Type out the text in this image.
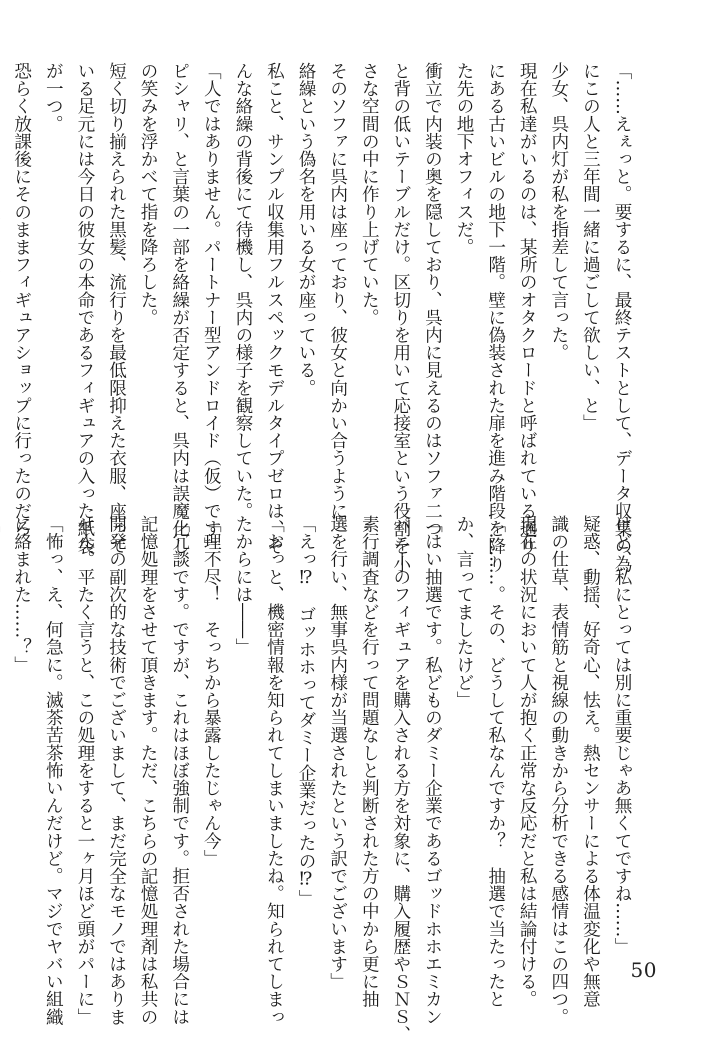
「……えぇっと。要するに、最終テストとして、データ収集の為

にこの人と三年間一緒に過ごして欲しい、と」

少女、呉内灯が私を指差して言った。

現在私達がいるのは、某所のオタクロードと呼ばれている通り

にある古いビルの地下一階。壁に偽装された扉を進み階段を降り

た先の地下オフィスだ。

衝立で内装の奥を隠しており、呉内に見えるのはソファ二つ

と背の低いテーブルだけ。区切りを用いて応接室という役割を小

さな空間の中に作り上げていた。

そのソファに呉内は座っており、彼女と向かい合うように

絡繰という偽名を用いる女が座っている。

私こと、サンプル収集用フルスペックモデルタイプゼロは、そ

んな絡繰の背後にて待機し、呉内の様子を観察していた。

「人ではありません。パートナー型アンドロイド（仮）です」

ピシャリ、と言葉の一部を絡繰が否定すると、呉内は誤魔化し

の笑みを浮かべて指を降ろした。

短く切り揃えられた黒髪、流行りを最低限抑えた衣服、座って

いる足元には今日の彼女の本命であるフィギュアの入った紙袋

が一つ。

恐らく放課後にそのままフィギュアショップに行ったのだろ

けど、私にとっては別に重要じゃあ無くてですね……」

疑惑、動揺、好奇心、怯え。熱センサーによる体温変化や無意

識の仕草、表情筋と視線の動きから分析できる感情はこの四つ。

現在の状況において人が抱く正常な反応だと私は結論付ける。

「………。その、どうして私なんですか？　抽選で当たったと

か、言ってましたけど」

「はい抽選です。私どものダミー企業であるゴッドホホエミカン

パニーのフィギュアを購入される方を対象に、購入履歴やＳＮＳ、

素行調査などを行って問題なしと判断された方の中から更に抽

選を行い、無事呉内様が当選されたという訳でございます」

「えっ⁉　ゴッホホってダミー企業だったの⁉」

「おっと、機密情報を知られてしまいましたね。知られてしまっ

たからには――」

「理不尽！　そっちから暴露したじゃん今」

「冗談です。ですが、これはほぼ強制です。拒否された場合には

記憶処理をさせて頂きます。ただ、こちらの記憶処理剤は私共の

開発の副次的な技術でございまして、まだ完全なモノではありま

せん。平たく言うと、この処理をすると一ヶ月ほど頭がパーに」

「怖っ、え、何急に。滅茶苦茶怖いんだけど。マジでヤバい組織

に絡まれた……？」

50
